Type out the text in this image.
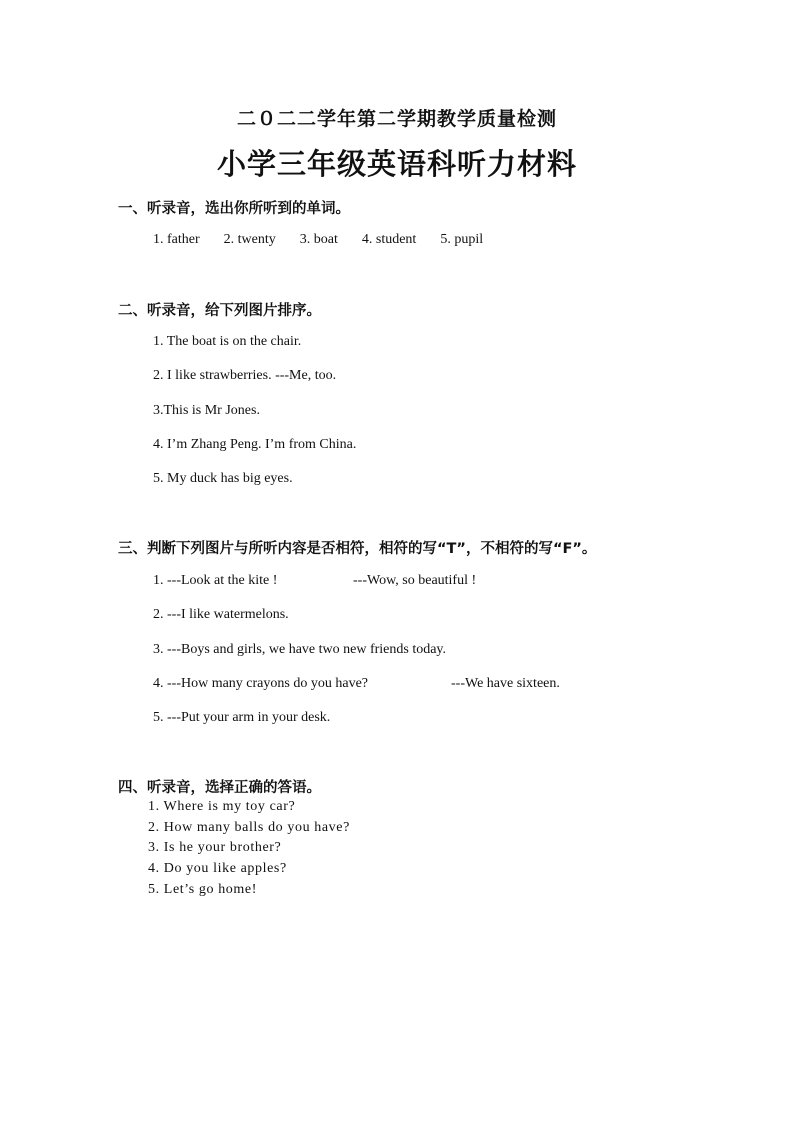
二０二二学年第二学期教学质量检测
小学三年级英语科听力材料
一、听录音，选出你所听到的单词。
1. father 2. twenty 3. boat 4. student 5. pupil
二、听录音，给下列图片排序。
1. The boat is on the chair.
2. I like strawberries. ---Me, too.
3.This is Mr Jones.
4. I’m Zhang Peng. I’m from China.
5. My duck has big eyes.
三、判断下列图片与所听内容是否相符，相符的写“T”，不相符的写“F”。
1. ---Look at the kite !	---Wow, so beautiful !
2. ---I like watermelons.
3. ---Boys and girls, we have two new friends today.
4. ---How many crayons do you have?	---We have sixteen.
5. ---Put your arm in your desk.
四、听录音，选择正确的答语。
1. Where is my toy car?
2. How many balls do you have?
3. Is he your brother?
4. Do you like apples?
5. Let’s go home!
